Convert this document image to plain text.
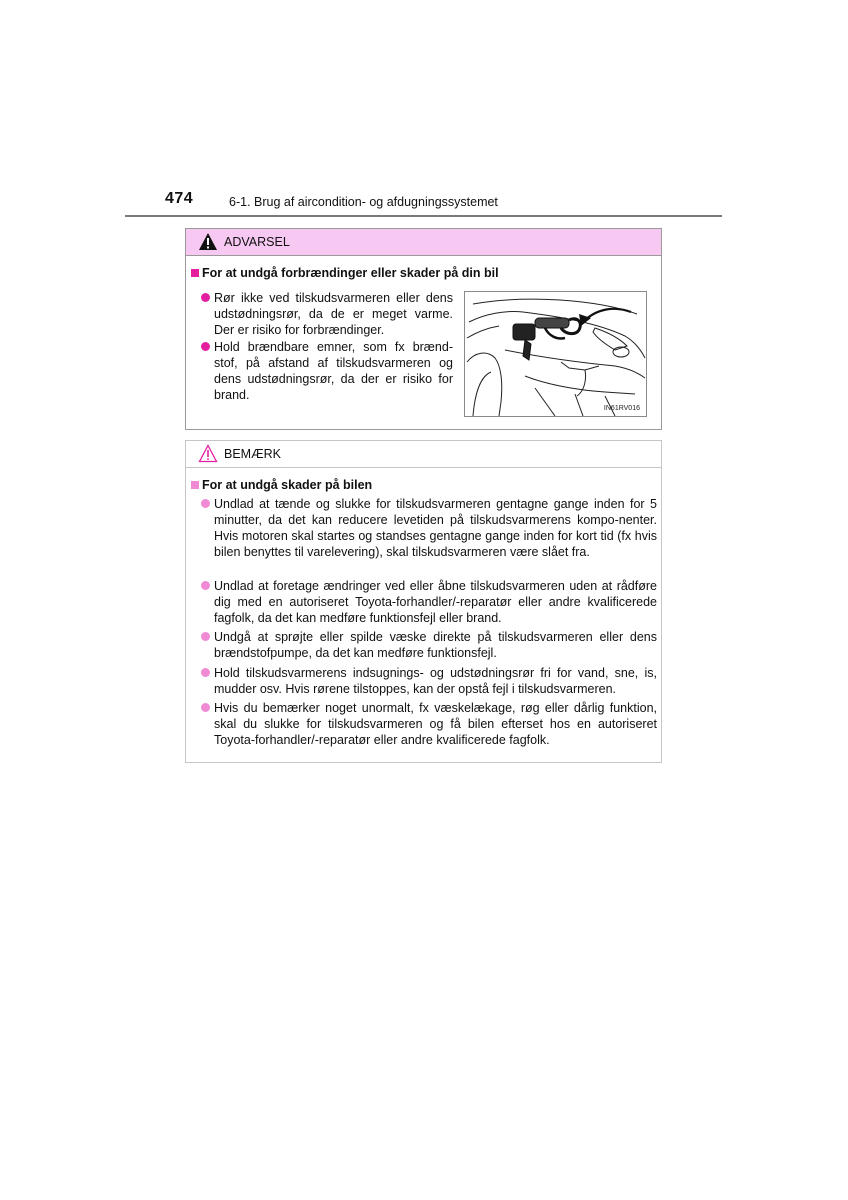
474	6-1. Brug af aircondition- og afdugningssystemet
ADVARSEL
For at undgå forbrændinger eller skader på din bil
Rør ikke ved tilskudsvarmeren eller dens udstødningsrør, da de er meget varme. Der er risiko for forbrændinger.
Hold brændbare emner, som fx brænd-stof, på afstand af tilskudsvarmeren og dens udstødningsrør, da der er risiko for brand.
IN61RV016
BEMÆRK
For at undgå skader på bilen
Undlad at tænde og slukke for tilskudsvarmeren gentagne gange inden for 5 minutter, da det kan reducere levetiden på tilskudsvarmerens kompo-nenter. Hvis motoren skal startes og standses gentagne gange inden for kort tid (fx hvis bilen benyttes til varelevering), skal tilskudsvarmeren være slået fra.
Undlad at foretage ændringer ved eller åbne tilskudsvarmeren uden at rådføre dig med en autoriseret Toyota-forhandler/-reparatør eller andre kvalificerede fagfolk, da det kan medføre funktionsfejl eller brand.
Undgå at sprøjte eller spilde væske direkte på tilskudsvarmeren eller dens brændstofpumpe, da det kan medføre funktionsfejl.
Hold tilskudsvarmerens indsugnings- og udstødningsrør fri for vand, sne, is, mudder osv. Hvis rørene tilstoppes, kan der opstå fejl i tilskudsvarmeren.
Hvis du bemærker noget unormalt, fx væskelækage, røg eller dårlig funktion, skal du slukke for tilskudsvarmeren og få bilen efterset hos en autoriseret Toyota-forhandler/-reparatør eller andre kvalificerede fagfolk.
